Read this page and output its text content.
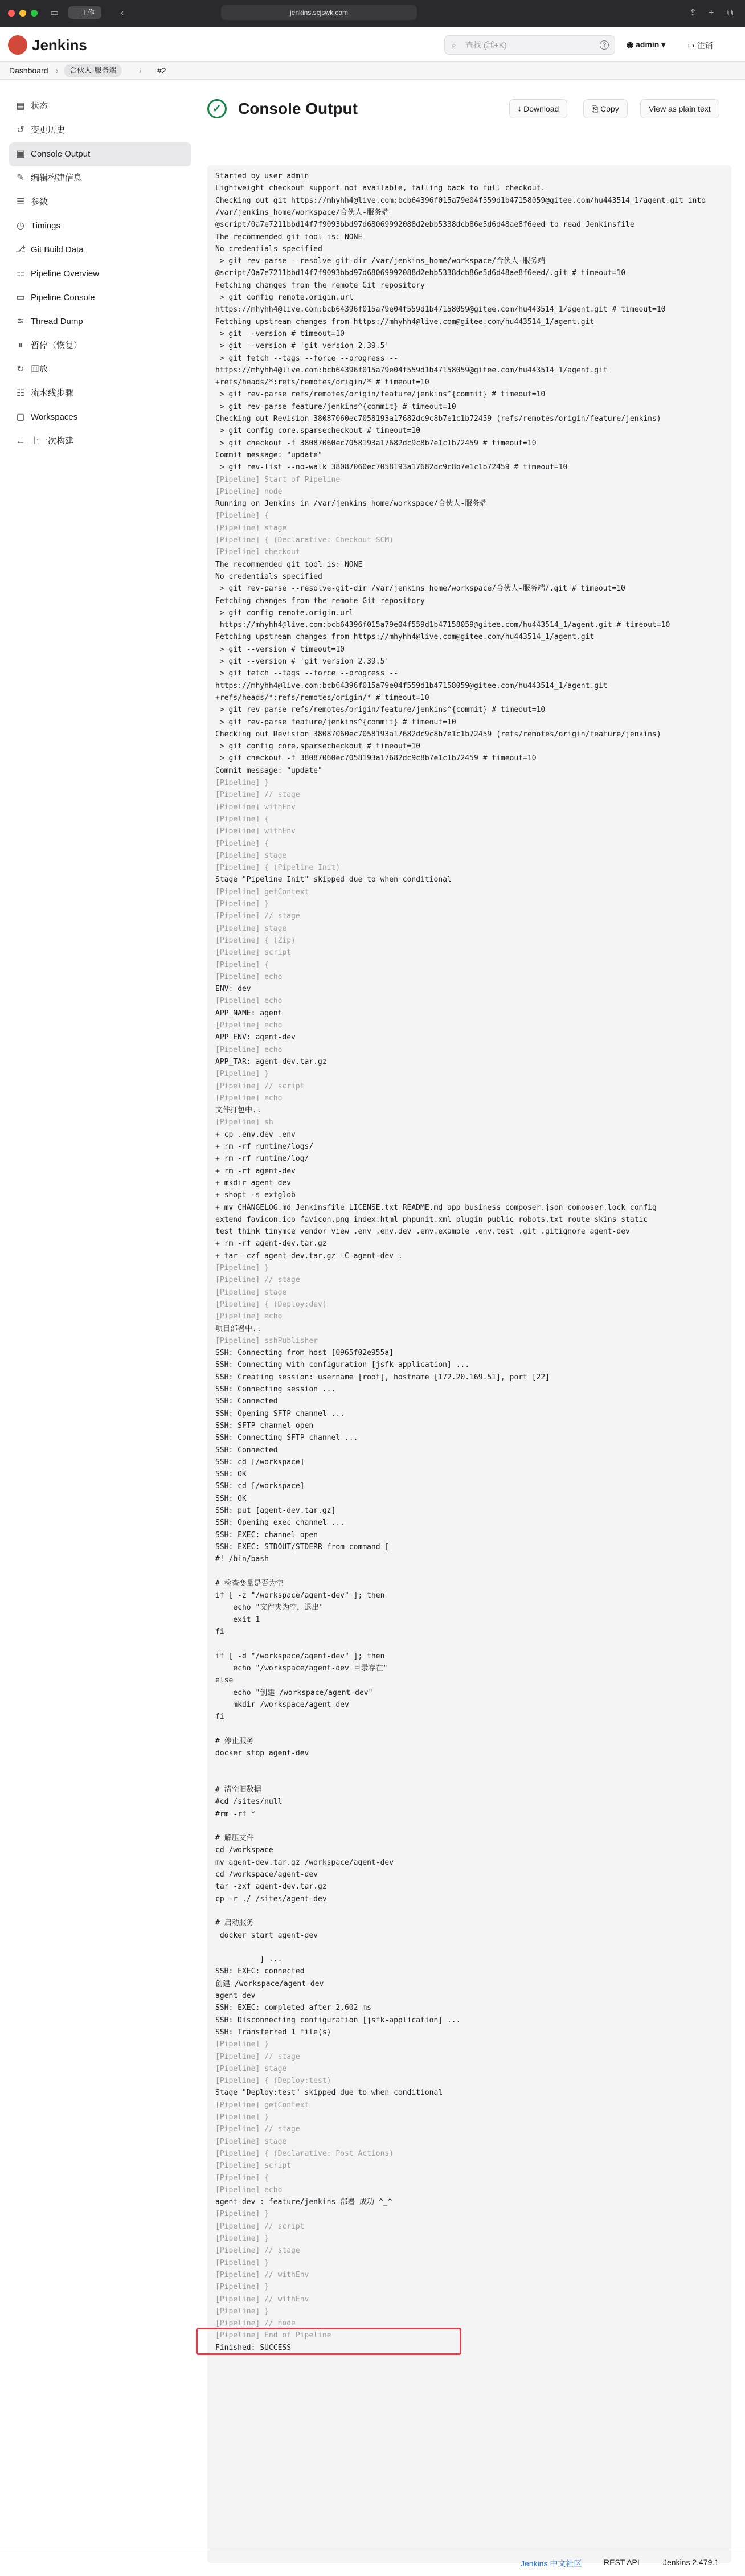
▭	工作	‹	jenkins.scjswk.com	⇪ + ⧉
Jenkins	⌕ 查找 (⌘+K)	?	◉ admin ▾	↦ 注销
Dashboard ›	合伙人-服务端	› #2
▤ 状态
↺ 变更历史
▣ Console Output
✎ 编辑构建信息
☰ 参数
◷ Timings
⎇ Git Build Data
⚏ Pipeline Overview
▭ Pipeline Console
≋ Thread Dump
⏸ 暂停（恢复）
↻ 回放
☷ 流水线步骤
▢ Workspaces
← 上一次构建
✓	Console Output	⤓ Download	⎘ Copy	View as plain text
Started by user admin
Lightweight checkout support not available, falling back to full checkout.
Checking out git https://mhyhh4@live.com:bcb64396f015a79e04f559d1b47158059@gitee.com/hu443514_1/agent.git into
/var/jenkins_home/workspace/合伙人-服务端
@script/0a7e7211bbd14f7f9093bbd97d68069992088d2ebb5338dcb86e5d6d48ae8f6eed to read Jenkinsfile
The recommended git tool is: NONE
No credentials specified
> git rev-parse --resolve-git-dir /var/jenkins_home/workspace/合伙人-服务端
@script/0a7e7211bbd14f7f9093bbd97d68069992088d2ebb5338dcb86e5d6d48ae8f6eed/.git # timeout=10
Fetching changes from the remote Git repository
> git config remote.origin.url
https://mhyhh4@live.com:bcb64396f015a79e04f559d1b47158059@gitee.com/hu443514_1/agent.git # timeout=10
Fetching upstream changes from https://mhyhh4@live.com@gitee.com/hu443514_1/agent.git
> git --version # timeout=10
> git --version # 'git version 2.39.5'
> git fetch --tags --force --progress --
https://mhyhh4@live.com:bcb64396f015a79e04f559d1b47158059@gitee.com/hu443514_1/agent.git
+refs/heads/*:refs/remotes/origin/* # timeout=10
> git rev-parse refs/remotes/origin/feature/jenkins^{commit} # timeout=10
> git rev-parse feature/jenkins^{commit} # timeout=10
Checking out Revision 38087060ec7058193a17682dc9c8b7e1c1b72459 (refs/remotes/origin/feature/jenkins)
> git config core.sparsecheckout # timeout=10
> git checkout -f 38087060ec7058193a17682dc9c8b7e1c1b72459 # timeout=10
Commit message: "update"
> git rev-list --no-walk 38087060ec7058193a17682dc9c8b7e1c1b72459 # timeout=10
[Pipeline] Start of Pipeline
[Pipeline] node
Running on Jenkins in /var/jenkins_home/workspace/合伙人-服务端
[Pipeline] {
[Pipeline] stage
[Pipeline] { (Declarative: Checkout SCM)
[Pipeline] checkout
The recommended git tool is: NONE
No credentials specified
> git rev-parse --resolve-git-dir /var/jenkins_home/workspace/合伙人-服务端/.git # timeout=10
Fetching changes from the remote Git repository
> git config remote.origin.url
https://mhyhh4@live.com:bcb64396f015a79e04f559d1b47158059@gitee.com/hu443514_1/agent.git # timeout=10
Fetching upstream changes from https://mhyhh4@live.com@gitee.com/hu443514_1/agent.git
> git --version # timeout=10
> git --version # 'git version 2.39.5'
> git fetch --tags --force --progress --
https://mhyhh4@live.com:bcb64396f015a79e04f559d1b47158059@gitee.com/hu443514_1/agent.git
+refs/heads/*:refs/remotes/origin/* # timeout=10
> git rev-parse refs/remotes/origin/feature/jenkins^{commit} # timeout=10
> git rev-parse feature/jenkins^{commit} # timeout=10
Checking out Revision 38087060ec7058193a17682dc9c8b7e1c1b72459 (refs/remotes/origin/feature/jenkins)
> git config core.sparsecheckout # timeout=10
> git checkout -f 38087060ec7058193a17682dc9c8b7e1c1b72459 # timeout=10
Commit message: "update"
[Pipeline] }
[Pipeline] // stage
[Pipeline] withEnv
[Pipeline] {
[Pipeline] withEnv
[Pipeline] {
[Pipeline] stage
[Pipeline] { (Pipeline Init)
Stage "Pipeline Init" skipped due to when conditional
[Pipeline] getContext
[Pipeline] }
[Pipeline] // stage
[Pipeline] stage
[Pipeline] { (Zip)
[Pipeline] script
[Pipeline] {
[Pipeline] echo
ENV: dev
[Pipeline] echo
APP_NAME: agent
[Pipeline] echo
APP_ENV: agent-dev
[Pipeline] echo
APP_TAR: agent-dev.tar.gz
[Pipeline] }
[Pipeline] // script
[Pipeline] echo
文件打包中..
[Pipeline] sh
+ cp .env.dev .env
+ rm -rf runtime/logs/
+ rm -rf runtime/log/
+ rm -rf agent-dev
+ mkdir agent-dev
+ shopt -s extglob
+ mv CHANGELOG.md Jenkinsfile LICENSE.txt README.md app business composer.json composer.lock config
extend favicon.ico favicon.png index.html phpunit.xml plugin public robots.txt route skins static
test think tinymce vendor view .env .env.dev .env.example .env.test .git .gitignore agent-dev
+ rm -rf agent-dev.tar.gz
+ tar -czf agent-dev.tar.gz -C agent-dev .
[Pipeline] }
[Pipeline] // stage
[Pipeline] stage
[Pipeline] { (Deploy:dev)
[Pipeline] echo
项目部署中..
[Pipeline] sshPublisher
SSH: Connecting from host [0965f02e955a]
SSH: Connecting with configuration [jsfk-application] ...
SSH: Creating session: username [root], hostname [172.20.169.51], port [22]
SSH: Connecting session ...
SSH: Connected
SSH: Opening SFTP channel ...
SSH: SFTP channel open
SSH: Connecting SFTP channel ...
SSH: Connected
SSH: cd [/workspace]
SSH: OK
SSH: cd [/workspace]
SSH: OK
SSH: put [agent-dev.tar.gz]
SSH: Opening exec channel ...
SSH: EXEC: channel open
SSH: EXEC: STDOUT/STDERR from command [
#! /bin/bash
# 检查变量是否为空
if [ -z "/workspace/agent-dev" ]; then
echo "文件夹为空，退出"
exit 1
fi
if [ -d "/workspace/agent-dev" ]; then
echo "/workspace/agent-dev 目录存在"
else
echo "创建 /workspace/agent-dev"
mkdir /workspace/agent-dev
fi
# 停止服务
docker stop agent-dev
# 清空旧数据
#cd /sites/null
#rm -rf *
# 解压文件
cd /workspace
mv agent-dev.tar.gz /workspace/agent-dev
cd /workspace/agent-dev
tar -zxf agent-dev.tar.gz
cp -r ./ /sites/agent-dev
# 启动服务
docker start agent-dev
] ...
SSH: EXEC: connected
创建 /workspace/agent-dev
agent-dev
SSH: EXEC: completed after 2,602 ms
SSH: Disconnecting configuration [jsfk-application] ...
SSH: Transferred 1 file(s)
[Pipeline] }
[Pipeline] // stage
[Pipeline] stage
[Pipeline] { (Deploy:test)
Stage "Deploy:test" skipped due to when conditional
[Pipeline] getContext
[Pipeline] }
[Pipeline] // stage
[Pipeline] stage
[Pipeline] { (Declarative: Post Actions)
[Pipeline] script
[Pipeline] {
[Pipeline] echo
agent-dev : feature/jenkins 部署 成功 ^_^
[Pipeline] }
[Pipeline] // script
[Pipeline] }
[Pipeline] // stage
[Pipeline] }
[Pipeline] // withEnv
[Pipeline] }
[Pipeline] // withEnv
[Pipeline] }
[Pipeline] // node
[Pipeline] End of Pipeline
Finished: SUCCESS
Jenkins 中文社区	REST API	Jenkins 2.479.1
